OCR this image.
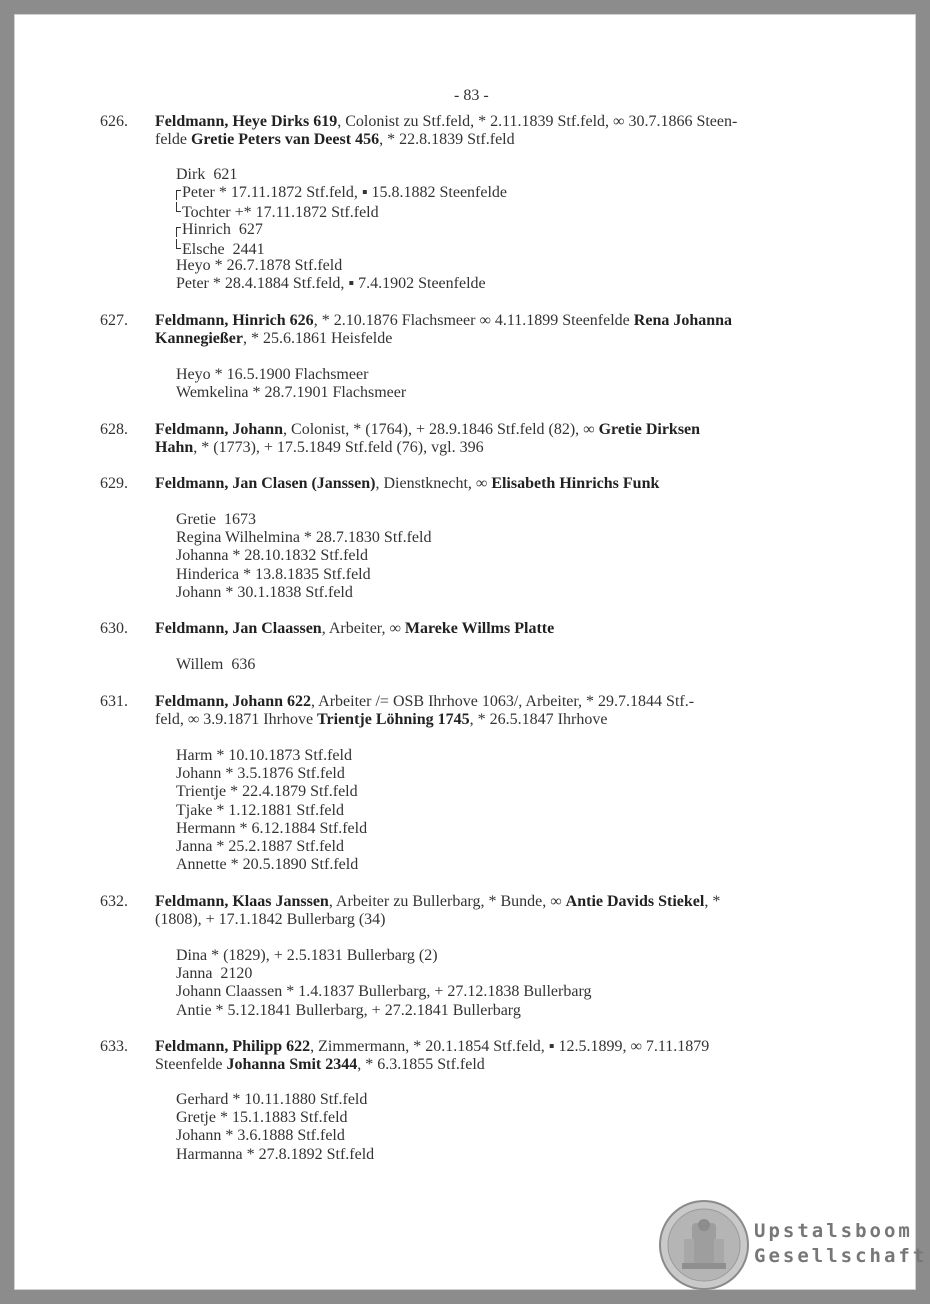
- 83 -
626. Feldmann, Heye Dirks 619, Colonist zu Stf.feld, * 2.11.1839 Stf.feld, ∞ 30.7.1866 Steen-
felde Gretie Peters van Deest 456, * 22.8.1839 Stf.feld
Dirk  621
Peter * 17.11.1872 Stf.feld, ▪ 15.8.1882 Steenfelde
Tochter +* 17.11.1872 Stf.feld
Hinrich  627
Elsche  2441
Heyo * 26.7.1878 Stf.feld
Peter * 28.4.1884 Stf.feld, ▪ 7.4.1902 Steenfelde
627. Feldmann, Hinrich 626, * 2.10.1876 Flachsmeer ∞ 4.11.1899 Steenfelde Rena Johanna
Kannegießer, * 25.6.1861 Heisfelde
Heyo * 16.5.1900 Flachsmeer
Wemkelina * 28.7.1901 Flachsmeer
628. Feldmann, Johann, Colonist, * (1764), + 28.9.1846 Stf.feld (82), ∞ Gretie Dirksen
Hahn, * (1773), + 17.5.1849 Stf.feld (76), vgl. 396
629. Feldmann, Jan Clasen (Janssen), Dienstknecht, ∞ Elisabeth Hinrichs Funk
Gretie  1673
Regina Wilhelmina * 28.7.1830 Stf.feld
Johanna * 28.10.1832 Stf.feld
Hinderica * 13.8.1835 Stf.feld
Johann * 30.1.1838 Stf.feld
630. Feldmann, Jan Claassen, Arbeiter, ∞ Mareke Willms Platte
Willem  636
631. Feldmann, Johann 622, Arbeiter /= OSB Ihrhove 1063/, Arbeiter, * 29.7.1844 Stf.-
feld, ∞ 3.9.1871 Ihrhove Trientje Löhning 1745, * 26.5.1847 Ihrhove
Harm * 10.10.1873 Stf.feld
Johann * 3.5.1876 Stf.feld
Trientje * 22.4.1879 Stf.feld
Tjake * 1.12.1881 Stf.feld
Hermann * 6.12.1884 Stf.feld
Janna * 25.2.1887 Stf.feld
Annette * 20.5.1890 Stf.feld
632. Feldmann, Klaas Janssen, Arbeiter zu Bullerbarg, * Bunde, ∞ Antie Davids Stiekel, *
(1808), + 17.1.1842 Bullerbarg (34)
Dina * (1829), + 2.5.1831 Bullerbarg (2)
Janna  2120
Johann Claassen * 1.4.1837 Bullerbarg, + 27.12.1838 Bullerbarg
Antie * 5.12.1841 Bullerbarg, + 27.2.1841 Bullerbarg
633. Feldmann, Philipp 622, Zimmermann, * 20.1.1854 Stf.feld, ▪ 12.5.1899, ∞ 7.11.1879
Steenfelde Johanna Smit 2344, * 6.3.1855 Stf.feld
Gerhard * 10.11.1880 Stf.feld
Gretje * 15.1.1883 Stf.feld
Johann * 3.6.1888 Stf.feld
Harmanna * 27.8.1892 Stf.feld
Upstalsboom
Gesellschaft
